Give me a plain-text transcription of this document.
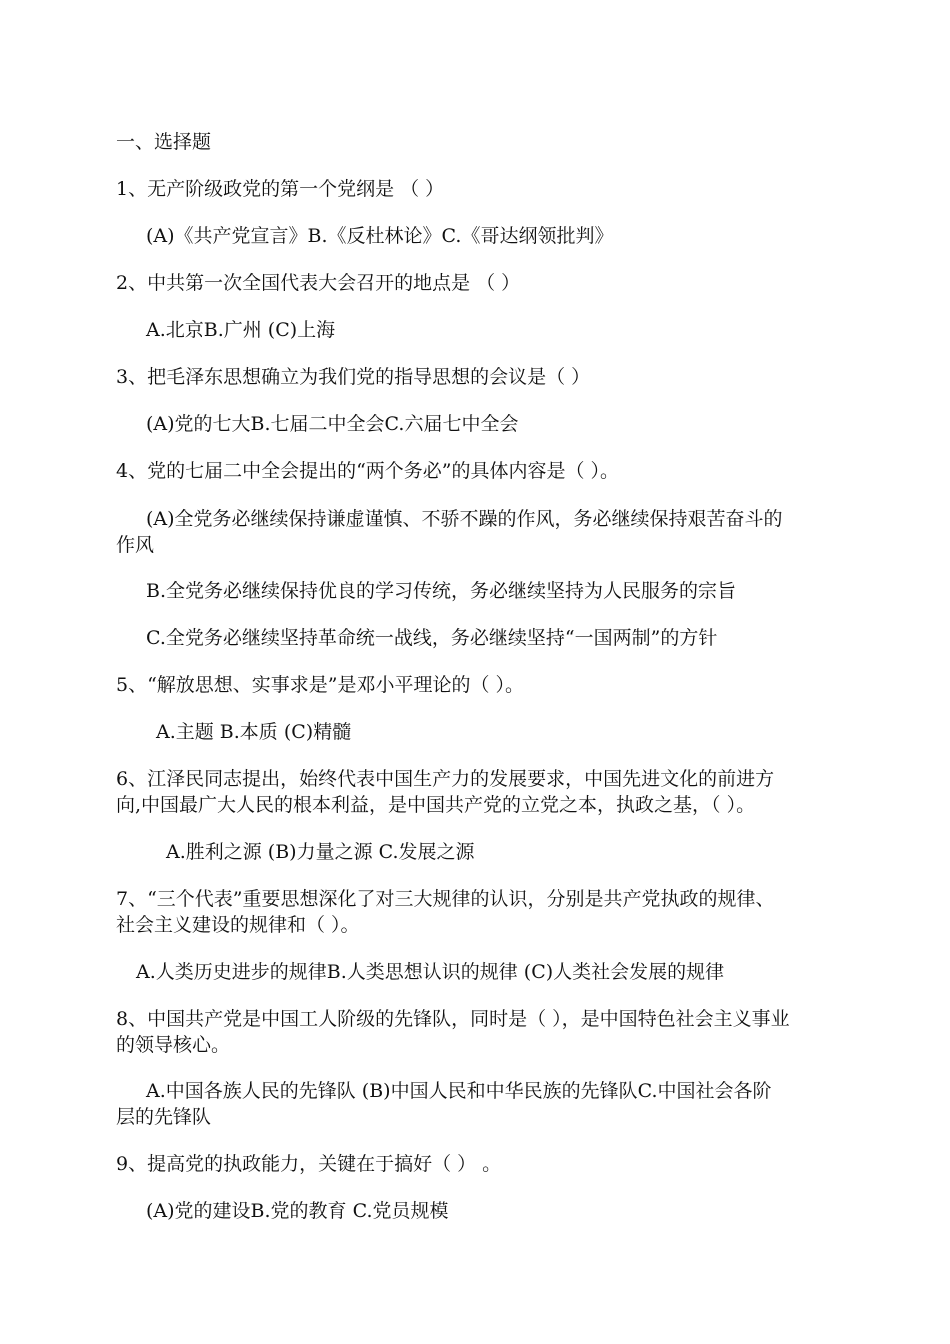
一、选择题
1、无产阶级政党的第一个党纲是 （ ）
(A)《共产党宣言》B.《反杜林论》C.《哥达纲领批判》
2、中共第一次全国代表大会召开的地点是 （ ）
A.北京B.广州 (C)上海
3、把毛泽东思想确立为我们党的指导思想的会议是（ ）
(A)党的七大B.七届二中全会C.六届七中全会
4、党的七届二中全会提出的“两个务必”的具体内容是（ ）。
(A)全党务必继续保持谦虚谨慎、不骄不躁的作风，务必继续保持艰苦奋斗的
作风
B.全党务必继续保持优良的学习传统，务必继续坚持为人民服务的宗旨
C.全党务必继续坚持革命统一战线，务必继续坚持“一国两制”的方针
5、“解放思想、实事求是”是邓小平理论的（ ）。
A.主题 B.本质 (C)精髓
6、江泽民同志提出，始终代表中国生产力的发展要求，中国先进文化的前进方
向,中国最广大人民的根本利益，是中国共产党的立党之本，执政之基，（ ）。
A.胜利之源 (B)力量之源 C.发展之源
7、“三个代表”重要思想深化了对三大规律的认识，分别是共产党执政的规律、
社会主义建设的规律和（ ）。
A.人类历史进步的规律B.人类思想认识的规律 (C)人类社会发展的规律
8、中国共产党是中国工人阶级的先锋队，同时是（ ），是中国特色社会主义事业
的领导核心。
A.中国各族人民的先锋队 (B)中国人民和中华民族的先锋队C.中国社会各阶
层的先锋队
9、提高党的执政能力，关键在于搞好（ ） 。
(A)党的建设B.党的教育 C.党员规模
